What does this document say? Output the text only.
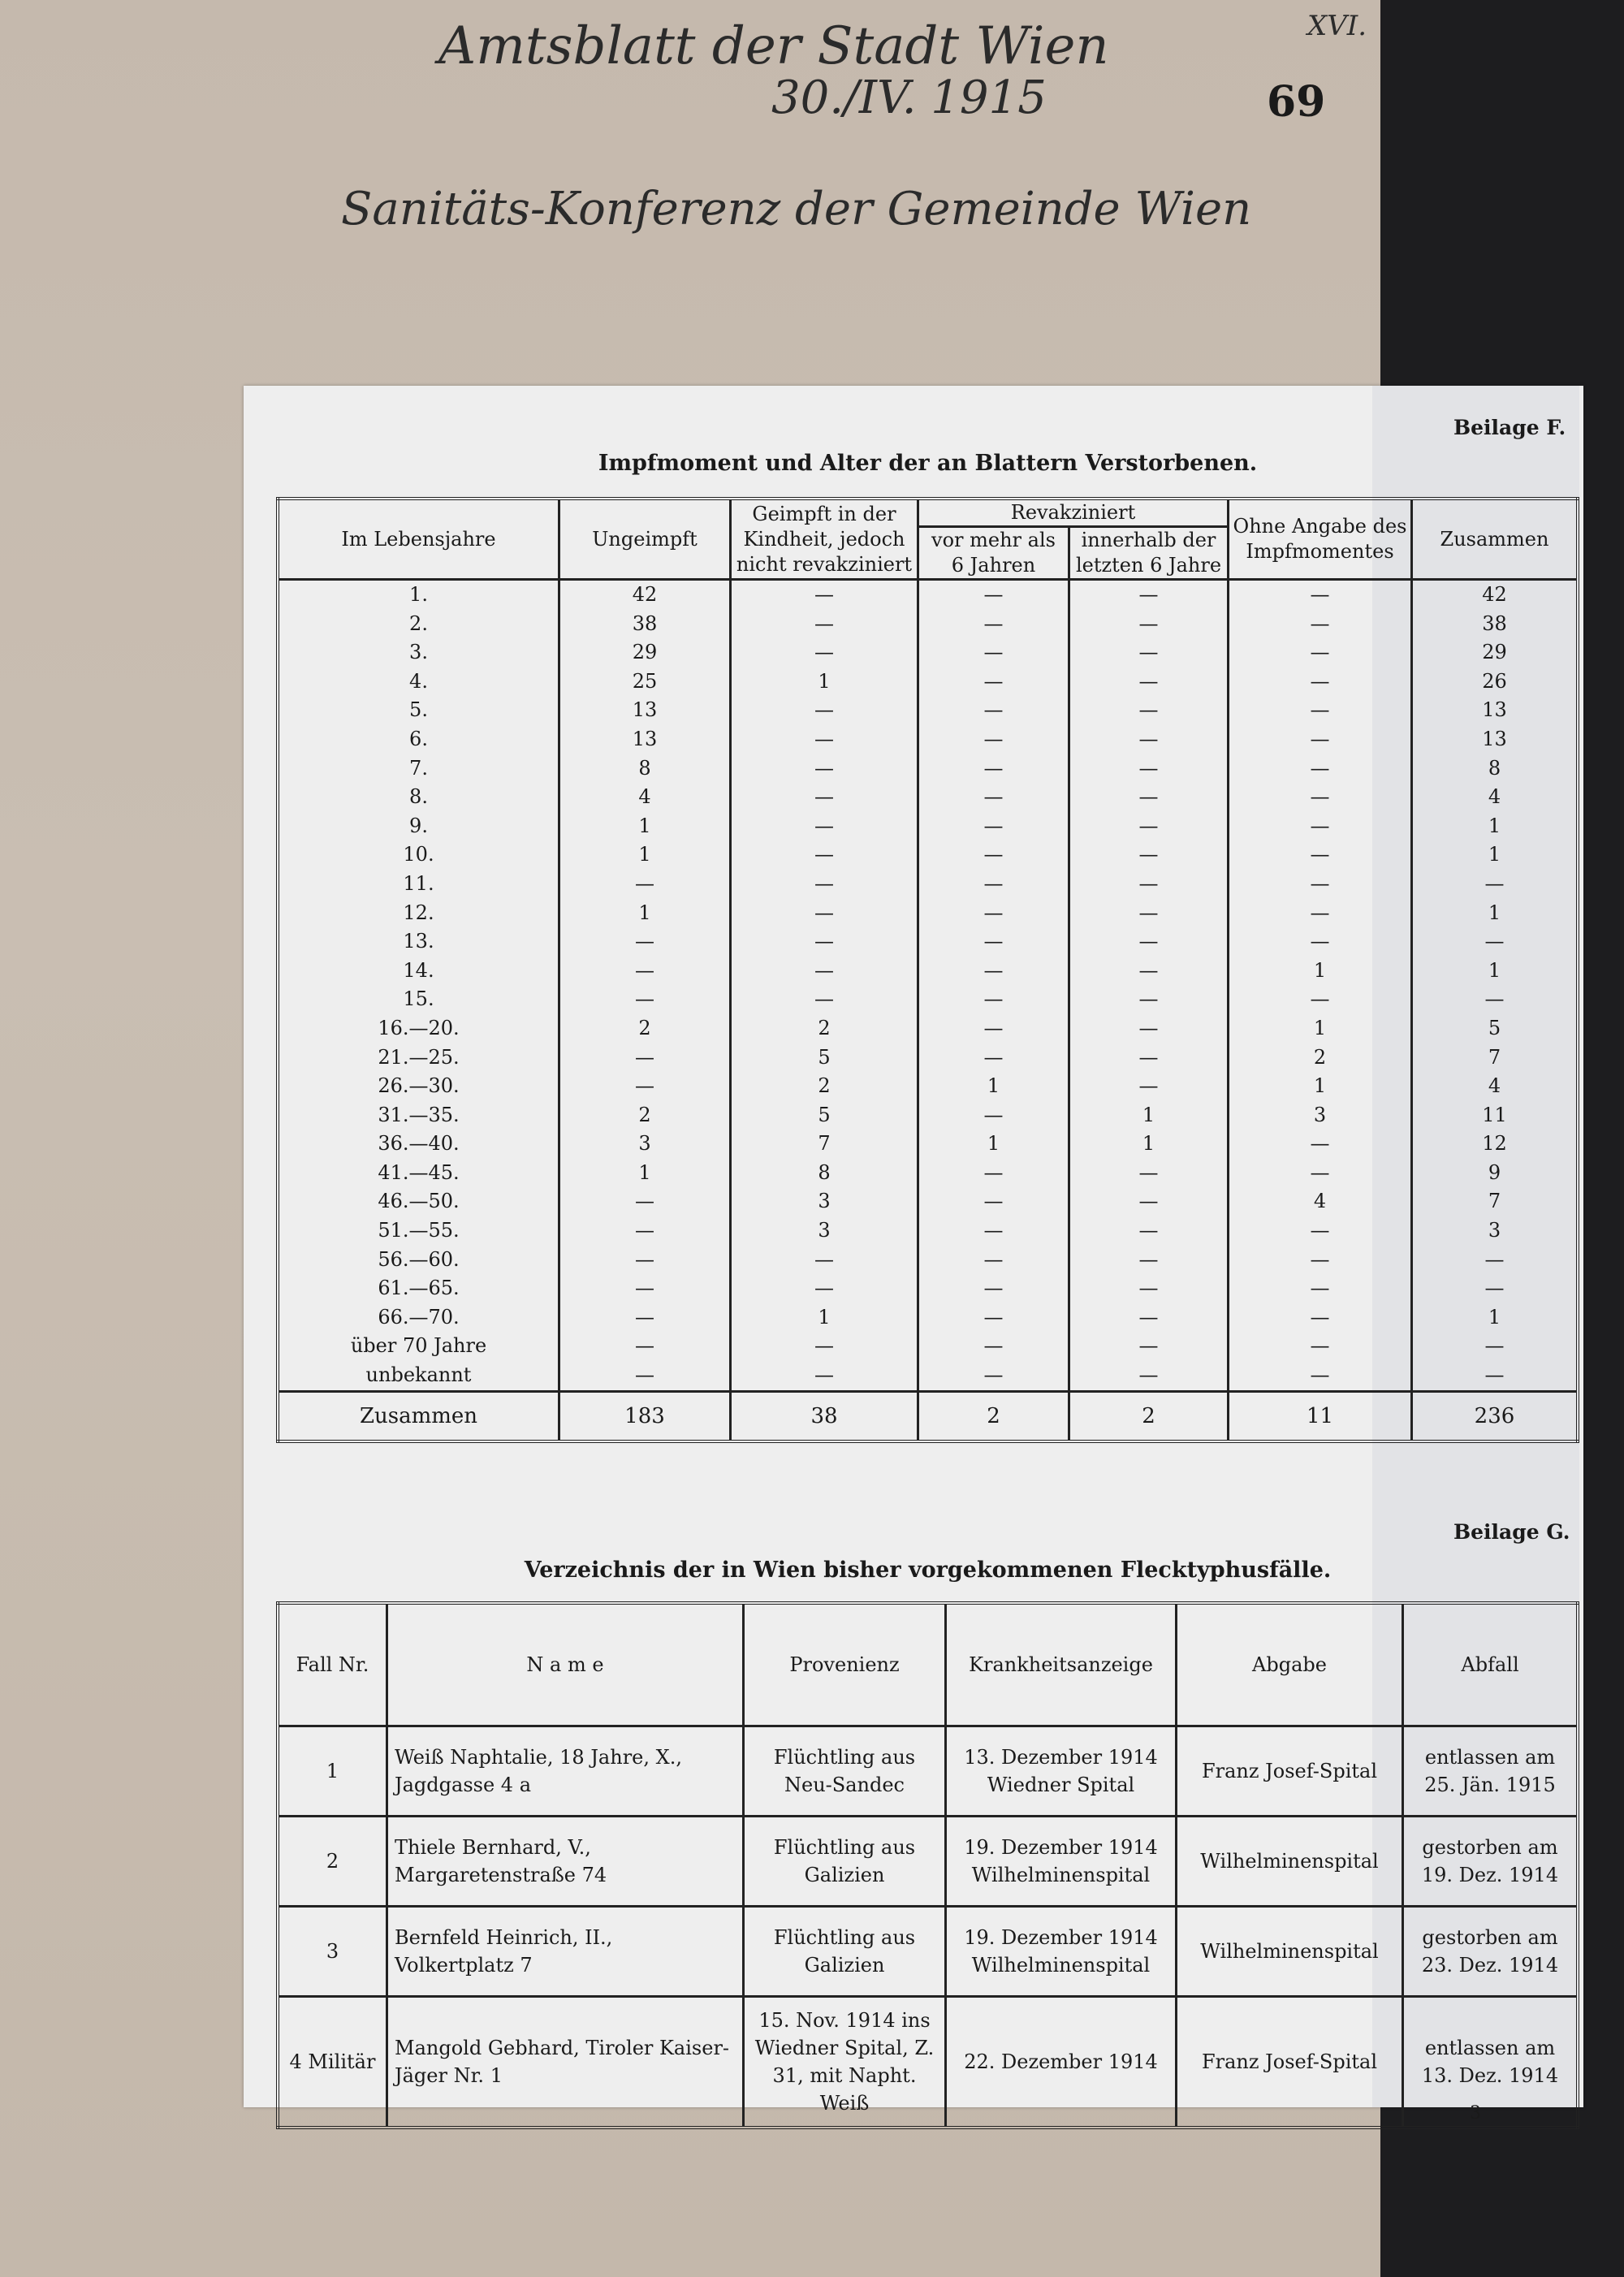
Amtsblatt der Stadt Wien
30./IV. 1915
XVI.
69
Sanitäts-Konferenz der Gemeinde Wien
Beilage F.
Impfmoment und Alter der an Blattern Verstorbenen.
Im Lebensjahre	Ungeimpft	Geimpft in der Kindheit, jedoch nicht revakziniert	Revakziniert		Ohne Angabe des Impfmomentes	Zusammen
			vor mehr als 6 Jahren	innerhalb der letzten 6 Jahre		
1.	42	—	—	—	—	42
2.	38	—	—	—	—	38
3.	29	—	—	—	—	29
4.	25	1	—	—	—	26
5.	13	—	—	—	—	13
6.	13	—	—	—	—	13
7.	8	—	—	—	—	8
8.	4	—	—	—	—	4
9.	1	—	—	—	—	1
10.	1	—	—	—	—	1
11.	—	—	—	—	—	—
12.	1	—	—	—	—	1
13.	—	—	—	—	—	—
14.	—	—	—	—	1	1
15.	—	—	—	—	—	—
16.—20.	2	2	—	—	1	5
21.—25.	—	5	—	—	2	7
26.—30.	—	2	1	—	1	4
31.—35.	2	5	—	1	3	11
36.—40.	3	7	1	1	—	12
41.—45.	1	8	—	—	—	9
46.—50.	—	3	—	—	4	7
51.—55.	—	3	—	—	—	3
56.—60.	—	—	—	—	—	—
61.—65.	—	—	—	—	—	—
66.—70.	—	1	—	—	—	1
über 70 Jahre	—	—	—	—	—	—
unbekannt	—	—	—	—	—	—
Zusammen	183	38	2	2	11	236
Beilage G.
Verzeichnis der in Wien bisher vorgekommenen Flecktyphusfälle.
Fall Nr.	N a m e	Provenienz	Krankheitsanzeige	Abgabe	Abfall
1	Weiß Naphtalie, 18 Jahre, X., Jagdgasse 4 a	Flüchtling aus Neu-Sandec	13. Dezember 1914 Wiedner Spital	Franz Josef-Spital	entlassen am 25. Jän. 1915
2	Thiele Bernhard, V., Margaretenstraße 74	Flüchtling aus Galizien	19. Dezember 1914 Wilhelminenspital	Wilhelminenspital	gestorben am 19. Dez. 1914
3	Bernfeld Heinrich, II., Volkertplatz 7	Flüchtling aus Galizien	19. Dezember 1914 Wilhelminenspital	Wilhelminenspital	gestorben am 23. Dez. 1914
4 Militär	Mangold Gebhard, Tiroler Kaiser-Jäger Nr. 1	15. Nov. 1914 ins Wiedner Spital, Z. 31, mit Napht. Weiß	22. Dezember 1914	Franz Josef-Spital	entlassen am 13. Dez. 1914
3
